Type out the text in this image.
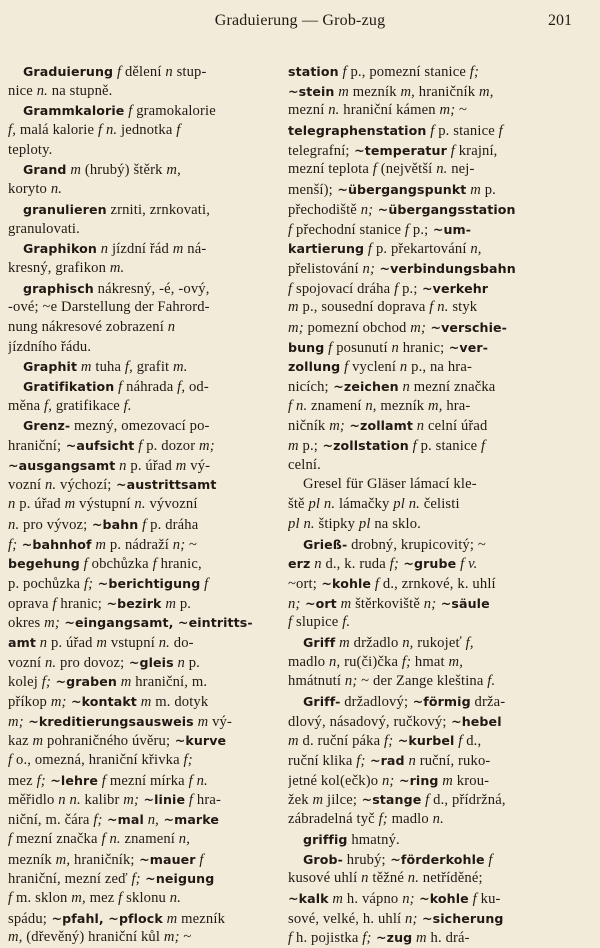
Graduierung — Grob-zug	201
Graduierung f dělení n stup-
nice n. na stupně.
Grammkalorie f gramokalorie
f, malá kalorie f n. jednotka f
teploty.
Grand m (hrubý) štěrk m,
koryto n.
granulieren zrniti, zrnkovati,
granulovati.
Graphikon n jízdní řád m ná-
kresný, grafikon m.
graphisch nákresný, -é, -ový,
-ové; ~e Darstellung der Fahrord-
nung nákresové zobrazení n
jízdního řádu.
Graphit m tuha f, grafit m.
Gratifikation f náhrada f, od-
měna f, gratifikace f.
Grenz- mezný, omezovací po-
hraniční; ~aufsicht f p. dozor m;
~ausgangsamt n p. úřad m vý-
vozní n. výchozí; ~austrittsamt
n p. úřad m výstupní n. vývozní
n. pro vývoz; ~bahn f p. dráha
f; ~bahnhof m p. nádraží n; ~
begehung f obchůzka f hranic,
p. pochůzka f; ~berichtigung f
oprava f hranic; ~bezirk m p.
okres m; ~eingangsamt, ~eintritts-
amt n p. úřad m vstupní n. do-
vozní n. pro dovoz; ~gleis n p.
kolej f; ~graben m hraniční, m.
příkop m; ~kontakt m m. dotyk
m; ~kreditierungsausweis m vý-
kaz m pohraničného úvěru; ~kurve
f o., omezná, hraniční křivka f;
mez f; ~lehre f mezní mírka f n.
měřidlo n n. kalibr m; ~linie f hra-
niční, m. čára f; ~mal n, ~marke
f mezní značka f n. znamení n,
mezník m, hraničník; ~mauer f
hraniční, mezní zeď f; ~neigung
f m. sklon m, mez f sklonu n.
spádu; ~pfahl, ~pflock m mezník
m, (dřevěný) hraniční kůl m; ~
station f p., pomezní stanice f;
~stein m mezník m, hraničník m,
mezní n. hraniční kámen m; ~
telegraphenstation f p. stanice f
telegrafní; ~temperatur f krajní,
mezní teplota f (největší n. nej-
menší); ~übergangspunkt m p.
přechodiště n; ~übergangsstation
f přechodní stanice f p.; ~um-
kartierung f p. překartování n,
přelistování n; ~verbindungsbahn
f spojovací dráha f p.; ~verkehr
m p., sousední doprava f n. styk
m; pomezní obchod m; ~verschie-
bung f posunutí n hranic; ~ver-
zollung f vyclení n p., na hra-
nicích; ~zeichen n mezní značka
f n. znamení n, mezník m, hra-
ničník m; ~zollamt n celní úřad
m p.; ~zollstation f p. stanice f
celní.
Gresel für Gläser lámací kle-
ště pl n. lámačky pl n. čelisti
pl n. štipky pl na sklo.
Grieß- drobný, krupicovitý; ~
erz n d., k. ruda f; ~grube f v.
~ort; ~kohle f d., zrnkové, k. uhlí
n; ~ort m štěrkoviště n; ~säule
f slupice f.
Griff m držadlo n, rukojeť f,
madlo n, ru(či)čka f; hmat m,
hmátnutí n; ~ der Zange kleština f.
Griff- držadlový; ~förmig drža-
dlový, násadový, ručkový; ~hebel
m d. ruční páka f; ~kurbel f d.,
ruční klika f; ~rad n ruční, ruko-
jetné kol(ečk)o n; ~ring m krou-
žek m jilce; ~stange f d., přídržná,
zábradelná tyč f; madlo n.
griffig hmatný.
Grob- hrubý; ~förderkohle f
kusové uhlí n těžné n. netříděné;
~kalk m h. vápno n; ~kohle f ku-
sové, velké, h. uhlí n; ~sicherung
f h. pojistka f; ~zug m h. drá-
